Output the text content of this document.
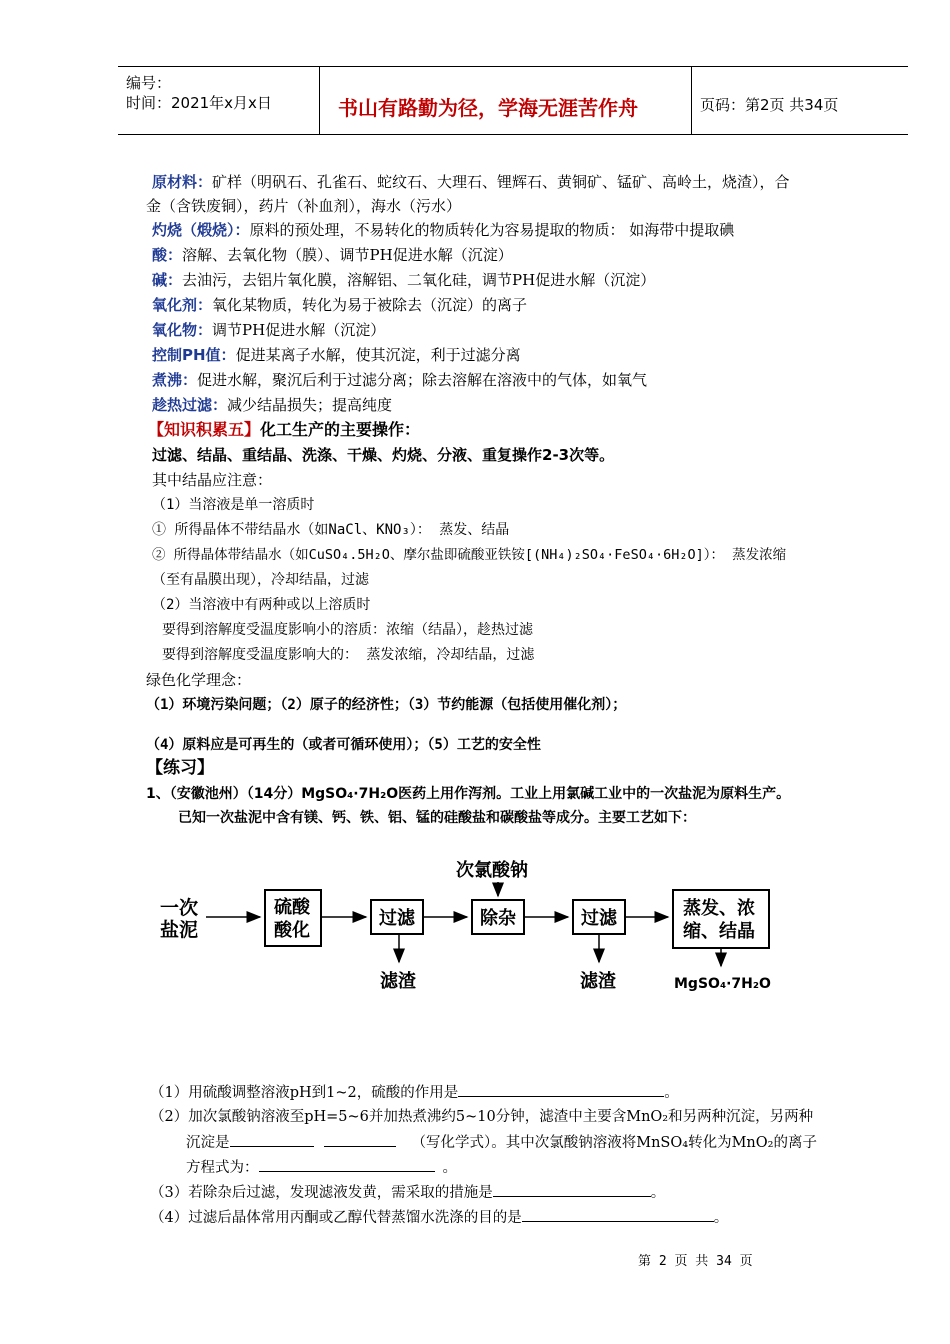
编号：
时间：2021年x月x日	书山有路勤为径，学海无涯苦作舟	页码：第2页 共34页
原材料：矿样（明矾石、孔雀石、蛇纹石、大理石、锂辉石、黄铜矿、锰矿、高岭土，烧渣），合
金（含铁废铜），药片（补血剂），海水（污水）
灼烧（煅烧）：原料的预处理，不易转化的物质转化为容易提取的物质： 如海带中提取碘
酸：溶解、去氧化物（膜）、调节PH促进水解（沉淀）
碱：去油污，去铝片氧化膜，溶解铝、二氧化硅，调节PH促进水解（沉淀）
氧化剂：氧化某物质，转化为易于被除去（沉淀）的离子
氧化物：调节PH促进水解（沉淀）
控制PH值：促进某离子水解，使其沉淀，利于过滤分离
煮沸：促进水解，聚沉后利于过滤分离；除去溶解在溶液中的气体，如氧气
趁热过滤：减少结晶损失；提高纯度
【知识积累五】化工生产的主要操作：
过滤、结晶、重结晶、洗涤、干燥、灼烧、分液、重复操作2-3次等。
其中结晶应注意：
（1）当溶液是单一溶质时
① 所得晶体不带结晶水（如NaCl、KNO₃）： 蒸发、结晶
② 所得晶体带结晶水（如CuSO₄.5H₂O、摩尔盐即硫酸亚铁铵[(NH₄)₂SO₄·FeSO₄·6H₂O]）： 蒸发浓缩
（至有晶膜出现），冷却结晶，过滤
（2）当溶液中有两种或以上溶质时
要得到溶解度受温度影响小的溶质：浓缩（结晶），趁热过滤
要得到溶解度受温度影响大的： 蒸发浓缩，冷却结晶，过滤
绿色化学理念：
（1）环境污染问题；（2）原子的经济性；（3）节约能源（包括使用催化剂）；
（4）原料应是可再生的（或者可循环使用）；（5）工艺的安全性
【练习】
1、（安徽池州）（14分）MgSO₄·7H₂O医药上用作泻剂。工业上用氯碱工业中的一次盐泥为原料生产。
已知一次盐泥中含有镁、钙、铁、铝、锰的硅酸盐和碳酸盐等成分。主要工艺如下：
一次
盐泥
硫酸
酸化
过滤
滤渣
除杂
次氯酸钠
过滤
滤渣
蒸发、浓
缩、结晶
MgSO₄·7H₂O
（1）用硫酸调整溶液pH到1~2，硫酸的作用是	。
（2）加次氯酸钠溶液至pH=5~6并加热煮沸约5~10分钟，滤渣中主要含MnO₂和另两种沉淀，另两种
沉淀是	（写化学式）。其中次氯酸钠溶液将MnSO₄转化为MnO₂的离子
方程式为：	。
（3）若除杂后过滤，发现滤液发黄，需采取的措施是	。
（4）过滤后晶体常用丙酮或乙醇代替蒸馏水洗涤的目的是	。
第 2 页 共 34 页
